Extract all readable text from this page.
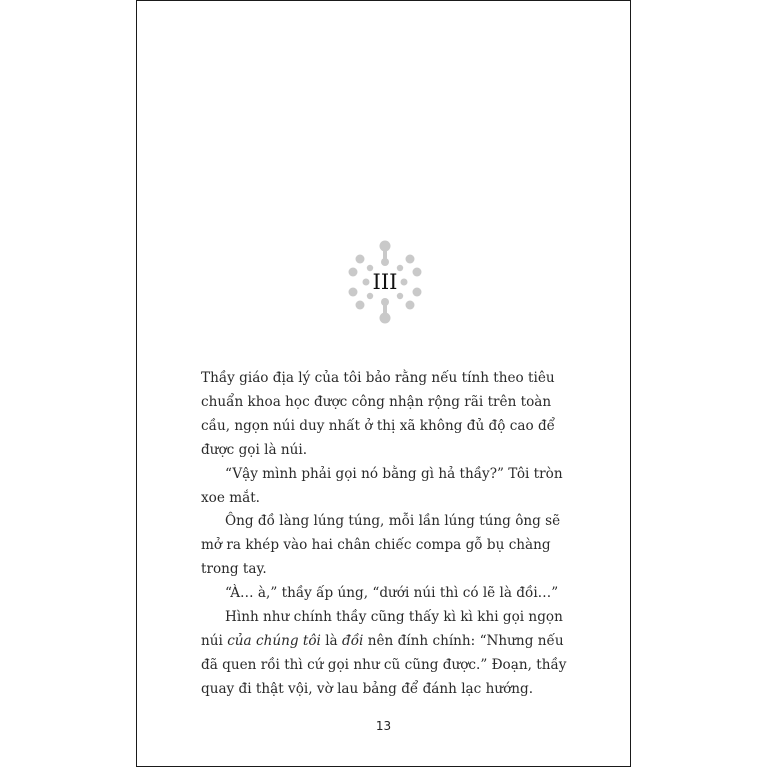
III
Thầy giáo địa lý của tôi bảo rằng nếu tính theo tiêu
chuẩn khoa học được công nhận rộng rãi trên toàn
cầu, ngọn núi duy nhất ở thị xã không đủ độ cao để
được gọi là núi.
“Vậy mình phải gọi nó bằng gì hả thầy?” Tôi tròn
xoe mắt.
Ông đồ làng lúng túng, mỗi lần lúng túng ông sẽ
mở ra khép vào hai chân chiếc compa gỗ bụ chàng
trong tay.
“À… à,” thầy ấp úng, “dưới núi thì có lẽ là đồi…”
Hình như chính thầy cũng thấy kì kì khi gọi ngọn
núi của chúng tôi là đồi nên đính chính: “Nhưng nếu
đã quen rồi thì cứ gọi như cũ cũng được.” Đoạn, thầy
quay đi thật vội, vờ lau bảng để đánh lạc hướng.
13
